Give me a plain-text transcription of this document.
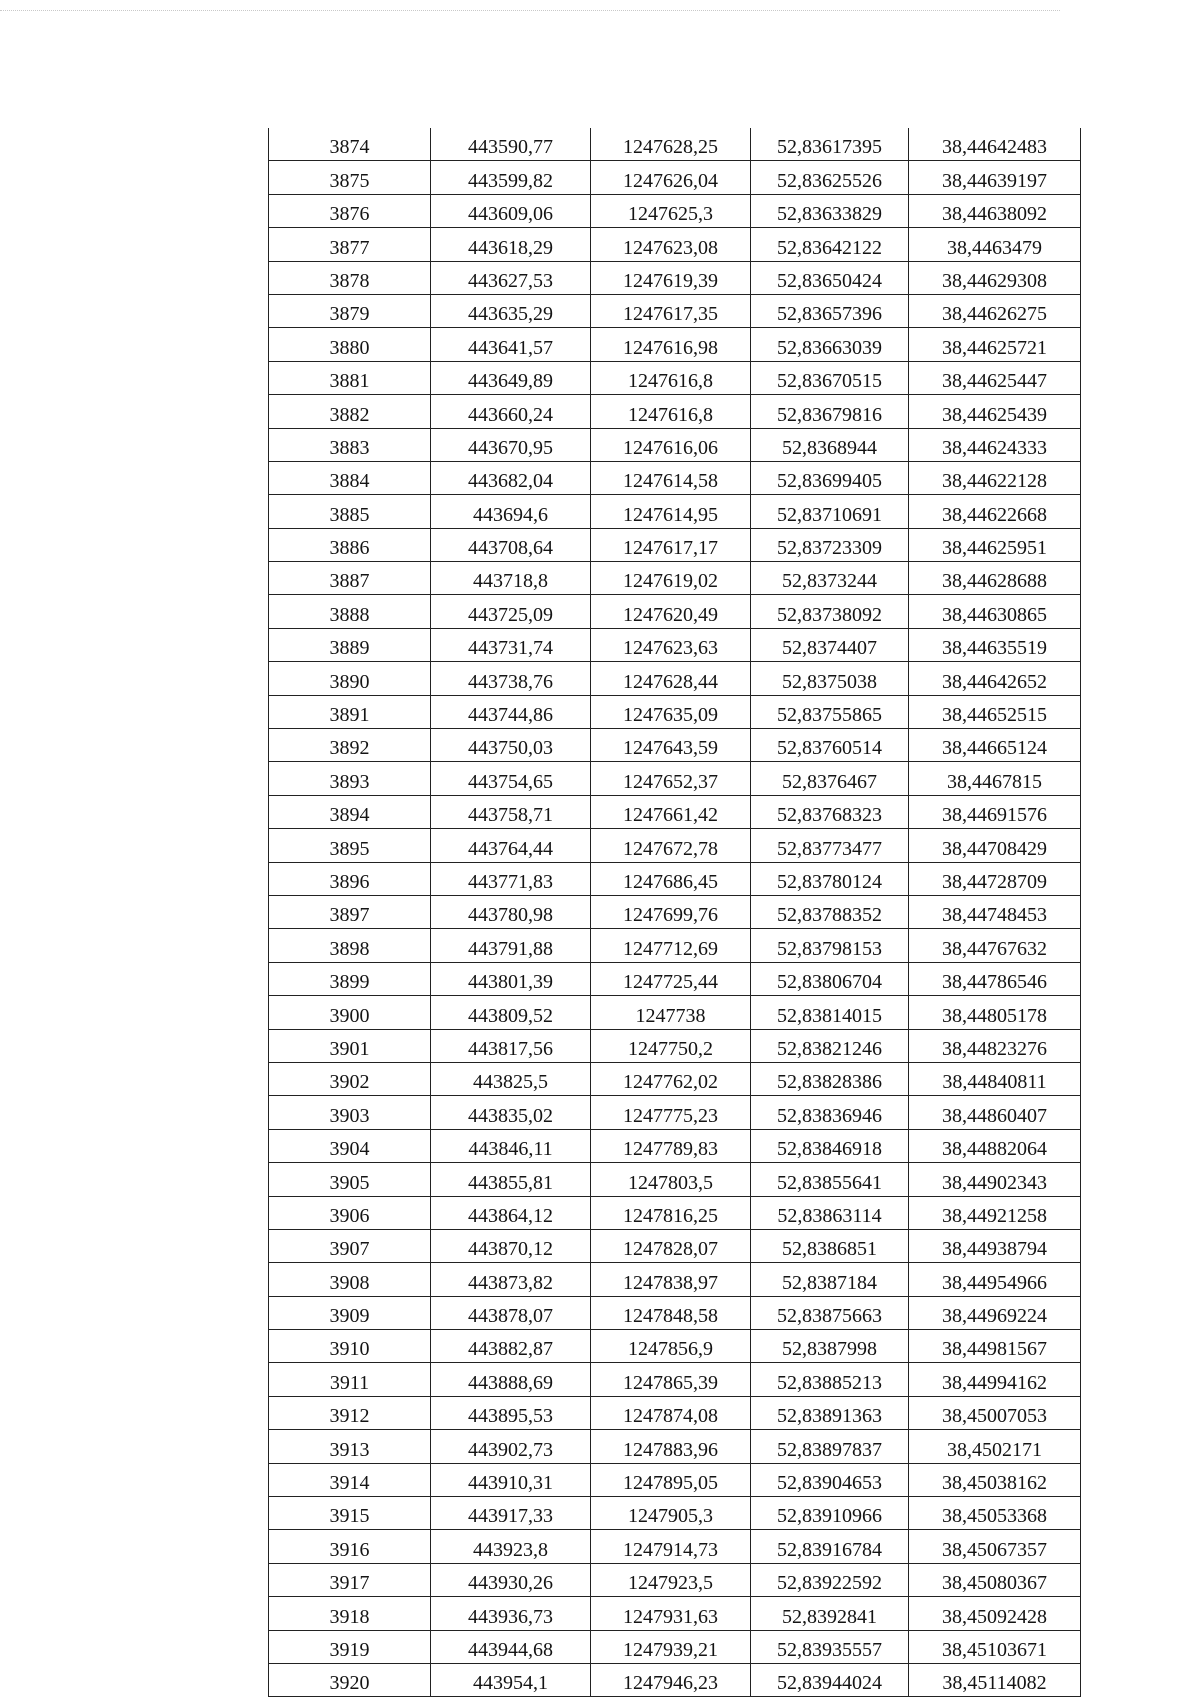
3874	443590,77	1247628,25	52,83617395	38,44642483
3875	443599,82	1247626,04	52,83625526	38,44639197
3876	443609,06	1247625,3	52,83633829	38,44638092
3877	443618,29	1247623,08	52,83642122	38,4463479
3878	443627,53	1247619,39	52,83650424	38,44629308
3879	443635,29	1247617,35	52,83657396	38,44626275
3880	443641,57	1247616,98	52,83663039	38,44625721
3881	443649,89	1247616,8	52,83670515	38,44625447
3882	443660,24	1247616,8	52,83679816	38,44625439
3883	443670,95	1247616,06	52,8368944	38,44624333
3884	443682,04	1247614,58	52,83699405	38,44622128
3885	443694,6	1247614,95	52,83710691	38,44622668
3886	443708,64	1247617,17	52,83723309	38,44625951
3887	443718,8	1247619,02	52,8373244	38,44628688
3888	443725,09	1247620,49	52,83738092	38,44630865
3889	443731,74	1247623,63	52,8374407	38,44635519
3890	443738,76	1247628,44	52,8375038	38,44642652
3891	443744,86	1247635,09	52,83755865	38,44652515
3892	443750,03	1247643,59	52,83760514	38,44665124
3893	443754,65	1247652,37	52,8376467	38,4467815
3894	443758,71	1247661,42	52,83768323	38,44691576
3895	443764,44	1247672,78	52,83773477	38,44708429
3896	443771,83	1247686,45	52,83780124	38,44728709
3897	443780,98	1247699,76	52,83788352	38,44748453
3898	443791,88	1247712,69	52,83798153	38,44767632
3899	443801,39	1247725,44	52,83806704	38,44786546
3900	443809,52	1247738	52,83814015	38,44805178
3901	443817,56	1247750,2	52,83821246	38,44823276
3902	443825,5	1247762,02	52,83828386	38,44840811
3903	443835,02	1247775,23	52,83836946	38,44860407
3904	443846,11	1247789,83	52,83846918	38,44882064
3905	443855,81	1247803,5	52,83855641	38,44902343
3906	443864,12	1247816,25	52,83863114	38,44921258
3907	443870,12	1247828,07	52,8386851	38,44938794
3908	443873,82	1247838,97	52,8387184	38,44954966
3909	443878,07	1247848,58	52,83875663	38,44969224
3910	443882,87	1247856,9	52,8387998	38,44981567
3911	443888,69	1247865,39	52,83885213	38,44994162
3912	443895,53	1247874,08	52,83891363	38,45007053
3913	443902,73	1247883,96	52,83897837	38,4502171
3914	443910,31	1247895,05	52,83904653	38,45038162
3915	443917,33	1247905,3	52,83910966	38,45053368
3916	443923,8	1247914,73	52,83916784	38,45067357
3917	443930,26	1247923,5	52,83922592	38,45080367
3918	443936,73	1247931,63	52,8392841	38,45092428
3919	443944,68	1247939,21	52,83935557	38,45103671
3920	443954,1	1247946,23	52,83944024	38,45114082
